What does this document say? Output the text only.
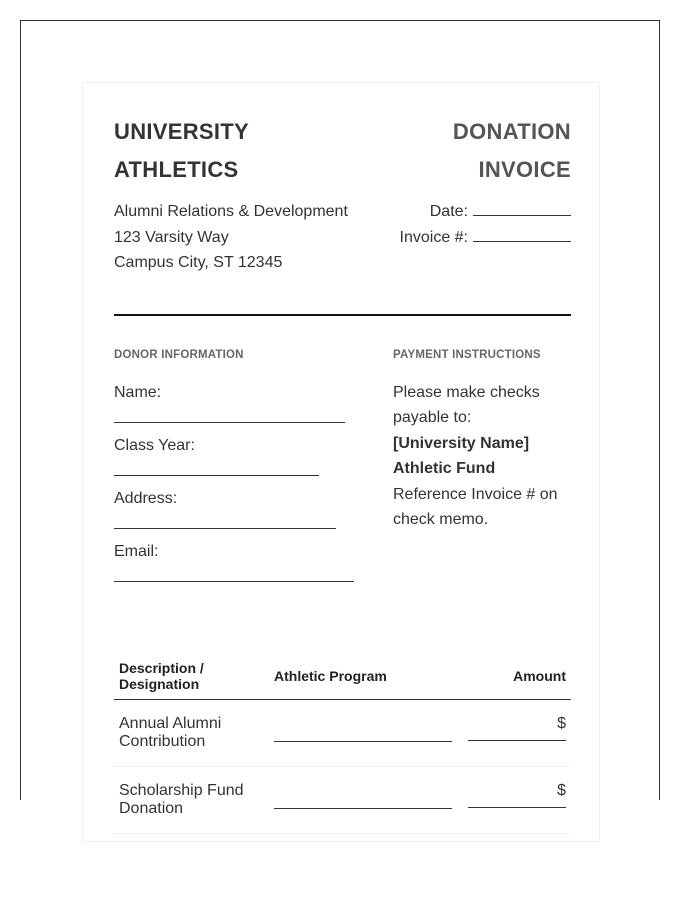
UNIVERSITY
ATHLETICS
DONATION
INVOICE
Alumni Relations & Development
123 Varsity Way
Campus City, ST 12345
Date:
Invoice #:
DONOR INFORMATION
Name:
Class Year:
Address:
Email:
PAYMENT INSTRUCTIONS
Please make checks payable to:
[University Name]
Athletic Fund
Reference Invoice # on check memo.
Description / Designation	Athletic Program	Amount
Annual Alumni Contribution
$
Scholarship Fund Donation
$
